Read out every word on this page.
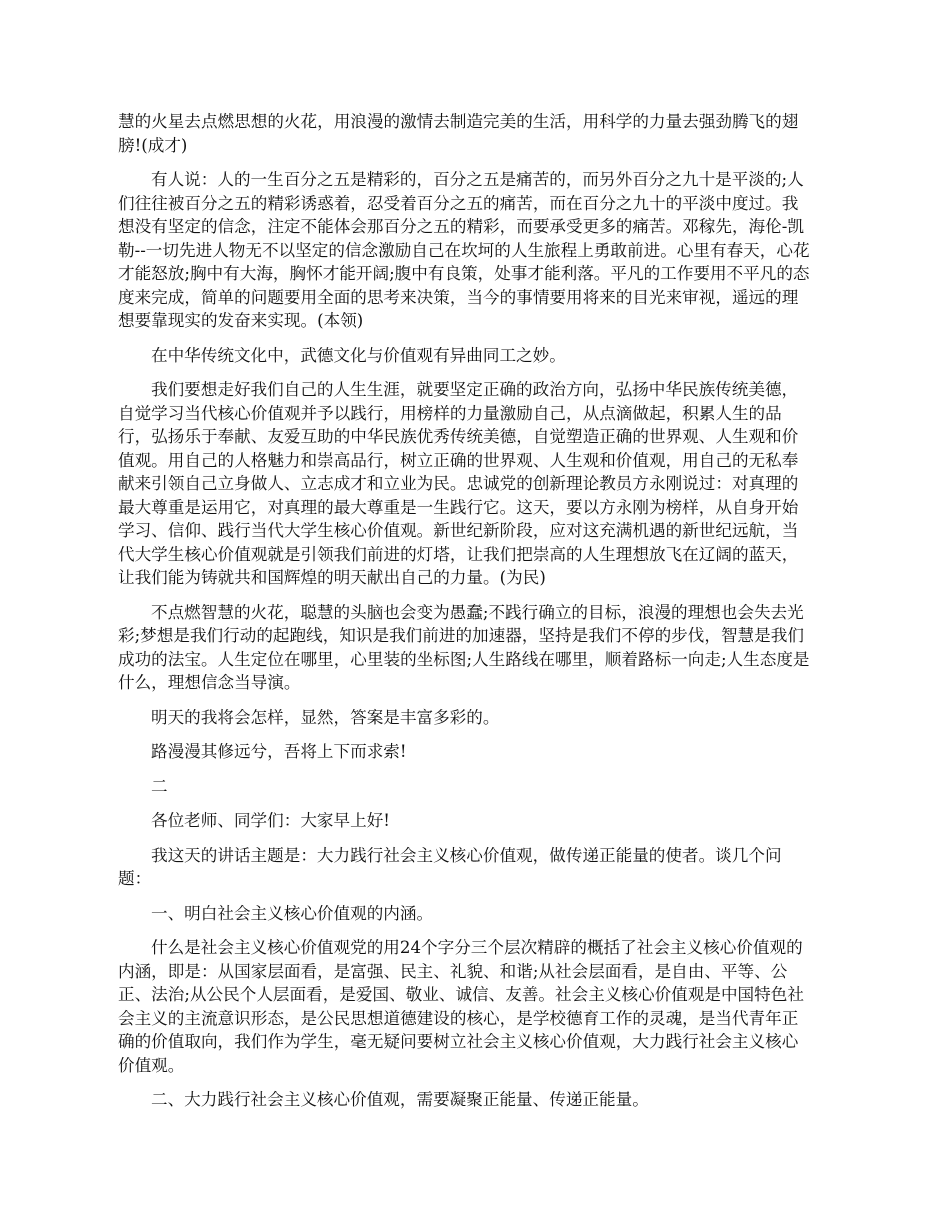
慧的火星去点燃思想的火花，用浪漫的激情去制造完美的生活，用科学的力量去强劲腾飞的翅膀!(成才)

有人说：人的一生百分之五是精彩的，百分之五是痛苦的，而另外百分之九十是平淡的;人们往往被百分之五的精彩诱惑着，忍受着百分之五的痛苦，而在百分之九十的平淡中度过。我想没有坚定的信念，注定不能体会那百分之五的精彩，而要承受更多的痛苦。邓稼先，海伦-凯勒--一切先进人物无不以坚定的信念激励自己在坎坷的人生旅程上勇敢前进。心里有春天，心花才能怒放;胸中有大海，胸怀才能开阔;腹中有良策，处事才能利落。平凡的工作要用不平凡的态度来完成，简单的问题要用全面的思考来决策，当今的事情要用将来的目光来审视，遥远的理想要靠现实的发奋来实现。(本领)

在中华传统文化中，武德文化与价值观有异曲同工之妙。

我们要想走好我们自己的人生生涯，就要坚定正确的政治方向，弘扬中华民族传统美德，自觉学习当代核心价值观并予以践行，用榜样的力量激励自己，从点滴做起，积累人生的品行，弘扬乐于奉献、友爱互助的中华民族优秀传统美德，自觉塑造正确的世界观、人生观和价值观。用自己的人格魅力和崇高品行，树立正确的世界观、人生观和价值观，用自己的无私奉献来引领自己立身做人、立志成才和立业为民。忠诚党的创新理论教员方永刚说过：对真理的最大尊重是运用它，对真理的最大尊重是一生践行它。这天，要以方永刚为榜样，从自身开始学习、信仰、践行当代大学生核心价值观。新世纪新阶段，应对这充满机遇的新世纪远航，当代大学生核心价值观就是引领我们前进的灯塔，让我们把崇高的人生理想放飞在辽阔的蓝天，让我们能为铸就共和国辉煌的明天献出自己的力量。(为民)

不点燃智慧的火花，聪慧的头脑也会变为愚蠢;不践行确立的目标，浪漫的理想也会失去光彩;梦想是我们行动的起跑线，知识是我们前进的加速器，坚持是我们不停的步伐，智慧是我们成功的法宝。人生定位在哪里，心里装的坐标图;人生路线在哪里，顺着路标一向走;人生态度是什么，理想信念当导演。

明天的我将会怎样，显然，答案是丰富多彩的。

路漫漫其修远兮，吾将上下而求索!

二

各位老师、同学们：大家早上好!

我这天的讲话主题是：大力践行社会主义核心价值观，做传递正能量的使者。谈几个问题：

一、明白社会主义核心价值观的内涵。

什么是社会主义核心价值观党的用24个字分三个层次精辟的概括了社会主义核心价值观的内涵，即是：从国家层面看，是富强、民主、礼貌、和谐;从社会层面看，是自由、平等、公正、法治;从公民个人层面看，是爱国、敬业、诚信、友善。社会主义核心价值观是中国特色社会主义的主流意识形态，是公民思想道德建设的核心，是学校德育工作的灵魂，是当代青年正确的价值取向，我们作为学生，毫无疑问要树立社会主义核心价值观，大力践行社会主义核心价值观。

二、大力践行社会主义核心价值观，需要凝聚正能量、传递正能量。
